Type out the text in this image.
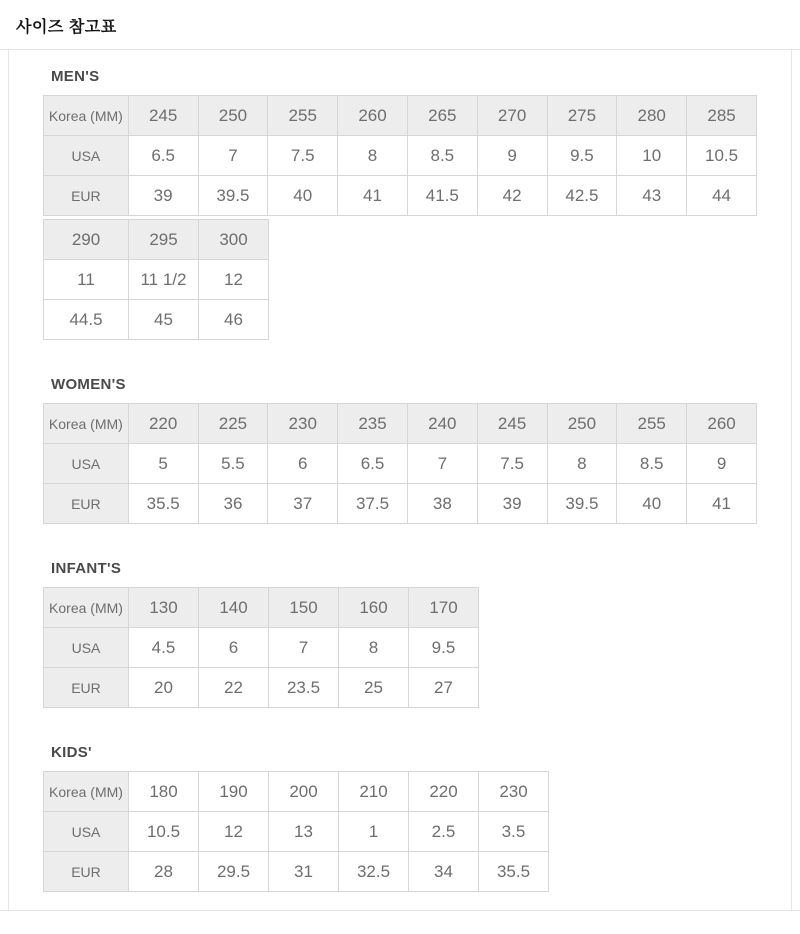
사이즈 참고표
MEN'S
Korea (MM)	245	250	255	260	265	270	275	280	285
USA	6.5	7	7.5	8	8.5	9	9.5	10	10.5
EUR	39	39.5	40	41	41.5	42	42.5	43	44
290	295	300
11	11 1/2	12
44.5	45	46
WOMEN'S
Korea (MM)	220	225	230	235	240	245	250	255	260
USA	5	5.5	6	6.5	7	7.5	8	8.5	9
EUR	35.5	36	37	37.5	38	39	39.5	40	41
INFANT'S
Korea (MM)	130	140	150	160	170
USA	4.5	6	7	8	9.5
EUR	20	22	23.5	25	27
KIDS'
Korea (MM)	180	190	200	210	220	230
USA	10.5	12	13	1	2.5	3.5
EUR	28	29.5	31	32.5	34	35.5
